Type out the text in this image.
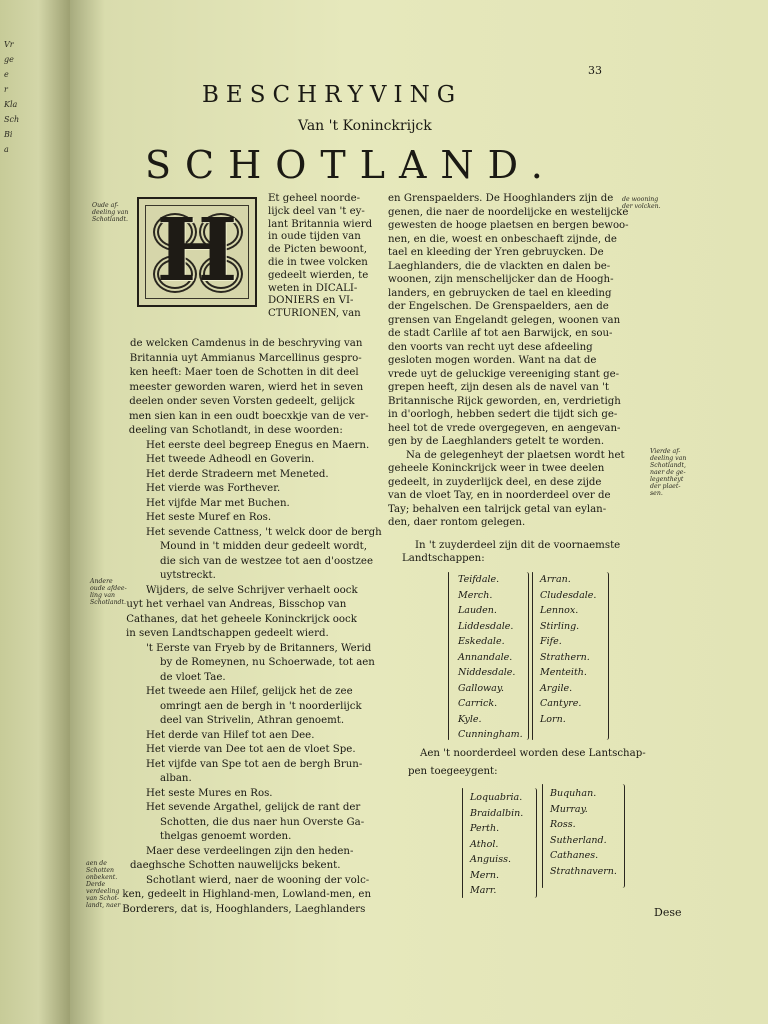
Vr
ge
e
r
Kla
Sch
Bi
a
33
BESCHRYVING
Van 't Koninckrijck
SCHOTLAND.
H
Et geheel noorde-
lijck deel van 't ey-
lant Britannia wierd
in oude tijden van
de Picten bewoont,
die in twee volcken
gedeelt wierden, te
weten in DICALI-
DONIERS en VI-
CTURIONEN, van
de welcken Camdenus in de beschryving van
Britannia uyt Ammianus Marcellinus gespro-
ken heeft: Maer toen de Schotten in dit deel
meester geworden waren, wierd het in seven
deelen onder seven Vorsten gedeelt, gelijck
men sien kan in een oudt boecxkje van de ver-
deeling van Schotlandt, in dese woorden:
Het eerste deel begreep Enegus en Maern.
Het tweede Adheodl en Goverin.
Het derde Stradeern met Meneted.
Het vierde was Forthever.
Het vijfde Mar met Buchen.
Het seste Muref en Ros.
Het sevende Cattness, 't welck door de bergh
Mound in 't midden deur gedeelt wordt,
die sich van de westzee tot aen d'oostzee
uytstreckt.
Wijders, de selve Schrijver verhaelt oock
uyt het verhael van Andreas, Bisschop van
Cathanes, dat het geheele Koninckrijck oock
in seven Landtschappen gedeelt wierd.
't Eerste van Fryeb by de Britanners, Werid
by de Romeynen, nu Schoerwade, tot aen
de vloet Tae.
Het tweede aen Hilef, gelijck het de zee
omringt aen de bergh in 't noorderlijck
deel van Strivelin, Athran genoemt.
Het derde van Hilef tot aen Dee.
Het vierde van Dee tot aen de vloet Spe.
Het vijfde van Spe tot aen de bergh Brun-
alban.
Het seste Mures en Ros.
Het sevende Argathel, gelijck de rant der
Schotten, die dus naer hun Overste Ga-
thelgas genoemt worden.
Maer dese verdeelingen zijn den heden-
daeghsche Schotten nauwelijcks bekent.
Schotlant wierd, naer de wooning der volc-
ken, gedeelt in Highland-men, Lowland-men, en
Borderers, dat is, Hooghlanders, Laeghlanders
en Grenspaelders. De Hooghlanders zijn de
genen, die naer de noordelijcke en westelijcke
gewesten de hooge plaetsen en bergen bewoo-
nen, en die, woest en onbeschaeft zijnde, de
tael en kleeding der Yren gebruycken. De
Laeghlanders, die de vlackten en dalen be-
woonen, zijn menschelijcker dan de Hoogh-
landers, en gebruycken de tael en kleeding
der Engelschen. De Grenspaelders, aen de
grensen van Engelandt gelegen, woonen van
de stadt Carlile af tot aen Barwijck, en sou-
den voorts van recht uyt dese afdeeling
gesloten mogen worden. Want na dat de
vrede uyt de geluckige vereeniging stant ge-
grepen heeft, zijn desen als de navel van 't
Britannische Rijck geworden, en, verdrietigh
in d'oorlogh, hebben sedert die tijdt sich ge-
heel tot de vrede overgegeven, en aengevan-
gen by de Laeghlanders getelt te worden.
Na de gelegenheyt der plaetsen wordt het
geheele Koninckrijck weer in twee deelen
gedeelt, in zuyderlijck deel, en dese zijde
van de vloet Tay, en in noorderdeel over de
Tay; behalven een talrijck getal van eylan-
den, daer rontom gelegen.
Oude af-
deeling van
Schotlandt.
Andere
oude afdee-
ling van
Schotlandt.
aen de
Schotten
onbekent.
Derde
verdeeling
van Schot-
landt, naer
de wooning
der volcken.
Vierde af-
deeling van
Schotlandt,
naer de ge-
legentheyt
der plaet-
sen.
In 't zuyderdeel zijn dit de voornaemste
Landtschappen:
Teifdale.
Merch.
Lauden.
Liddesdale.
Eskedale.
Annandale.
Niddesdale.
Galloway.
Carrick.
Kyle.
Cunningham.
Arran.
Cludesdale.
Lennox.
Stirling.
Fife.
Strathern.
Menteith.
Argile.
Cantyre.
Lorn.
Aen 't noorderdeel worden dese Lantschap-
pen toegeeygent:
Loquabria.
Braidalbin.
Perth.
Athol.
Anguiss.
Mern.
Marr.
Buquhan.
Murray.
Ross.
Sutherland.
Cathanes.
Strathnavern.
Dese
